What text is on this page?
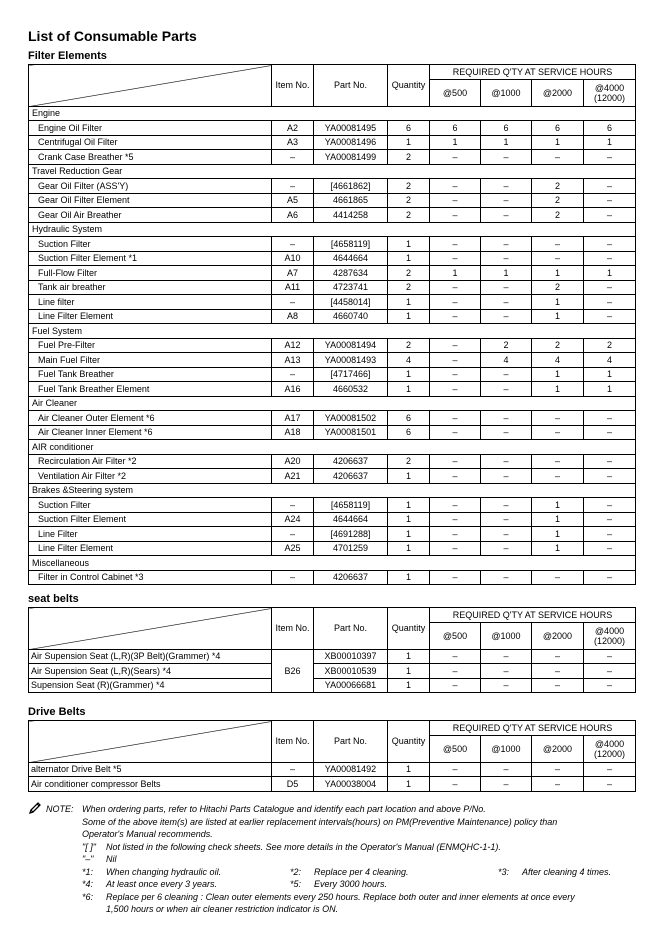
List of Consumable Parts
Filter Elements
	Item No.	Part No.	Quantity	REQUIRED Q'TY AT SERVICE HOURS			
				@500	@1000	@2000	@4000
(12000)

Engine							
Engine Oil Filter	A2	YA00081495	6	6	6	6	6
Centrifugal Oil Filter	A3	YA00081496	1	1	1	1	1
Crank Case Breather *5	–	YA00081499	2	–	–	–	–
Travel Reduction Gear							
Gear Oil Filter (ASS'Y)	–	[4661862]	2	–	–	2	–
Gear Oil Filter Element	A5	4661865	2	–	–	2	–
Gear Oil Air Breather	A6	4414258	2	–	–	2	–
Hydraulic System							
Suction Filter	–	[4658119]	1	–	–	–	–
Suction Filter Element *1	A10	4644664	1	–	–	–	–
Full-Flow Filter	A7	4287634	2	1	1	1	1
Tank air breather	A11	4723741	2	–	–	2	–
Line filter	–	[4458014]	1	–	–	1	–
Line Filter Element	A8	4660740	1	–	–	1	–
Fuel System							
Fuel Pre-Filter	A12	YA00081494	2	–	2	2	2
Main Fuel Filter	A13	YA00081493	4	–	4	4	4
Fuel Tank Breather	–	[4717466]	1	–	–	1	1
Fuel Tank Breather Element	A16	4660532	1	–	–	1	1
Air Cleaner							
Air Cleaner Outer Element *6	A17	YA00081502	6	–	–	–	–
Air Cleaner Inner Element *6	A18	YA00081501	6	–	–	–	–
AIR conditioner							
Recirculation Air Filter *2	A20	4206637	2	–	–	–	–
Ventilation Air Filter *2	A21	4206637	1	–	–	–	–
Brakes &Steering system							
Suction Filter	–	[4658119]	1	–	–	1	–
Suction Filter Element	A24	4644664	1	–	–	1	–
Line Filter	–	[4691288]	1	–	–	1	–
Line Filter Element	A25	4701259	1	–	–	1	–
Miscellaneous							
Filter in Control Cabinet *3	–	4206637	1	–	–	–	–
seat belts
	Item No.	Part No.	Quantity	REQUIRED Q'TY AT SERVICE HOURS			
				@500	@1000	@2000	@4000
(12000)

Air Supension Seat (L,R)(3P Belt)(Grammer) *4	B26	XB00010397	1	–	–	–	–
Air Supension Seat (L,R)(Sears) *4		XB00010539	1	–	–	–	–
Supension Seat (R)(Grammer) *4		YA00066681	1	–	–	–	–
Drive Belts
	Item No.	Part No.	Quantity	REQUIRED Q'TY AT SERVICE HOURS			
				@500	@1000	@2000	@4000
(12000)

alternator Drive Belt *5	–	YA00081492	1	–	–	–	–
Air conditioner compressor Belts	D5	YA00038004	1	–	–	–	–
NOTE: When ordering parts, refer to Hitachi Parts Catalogue and identify each part location and above P/No.
Some of the above item(s) are listed at earlier replacement intervals(hours) on PM(Preventive Maintenance) policy than
Operator's Manual recommends.
"[ ]" Not listed in the following check sheets. See more details in the Operator's Manual (ENMQHC-1-1).
"–" Nil
*1: When changing hydraulic oil.	*2: Replace per 4 cleaning.	*3: After cleaning 4 times.
*4: At least once every 3 years.	*5: Every 3000 hours.
*6: Replace per 6 cleaning : Clean outer elements every 250 hours. Replace both outer and inner elements at once every
1,500 hours or when air cleaner restriction indicator is ON.
